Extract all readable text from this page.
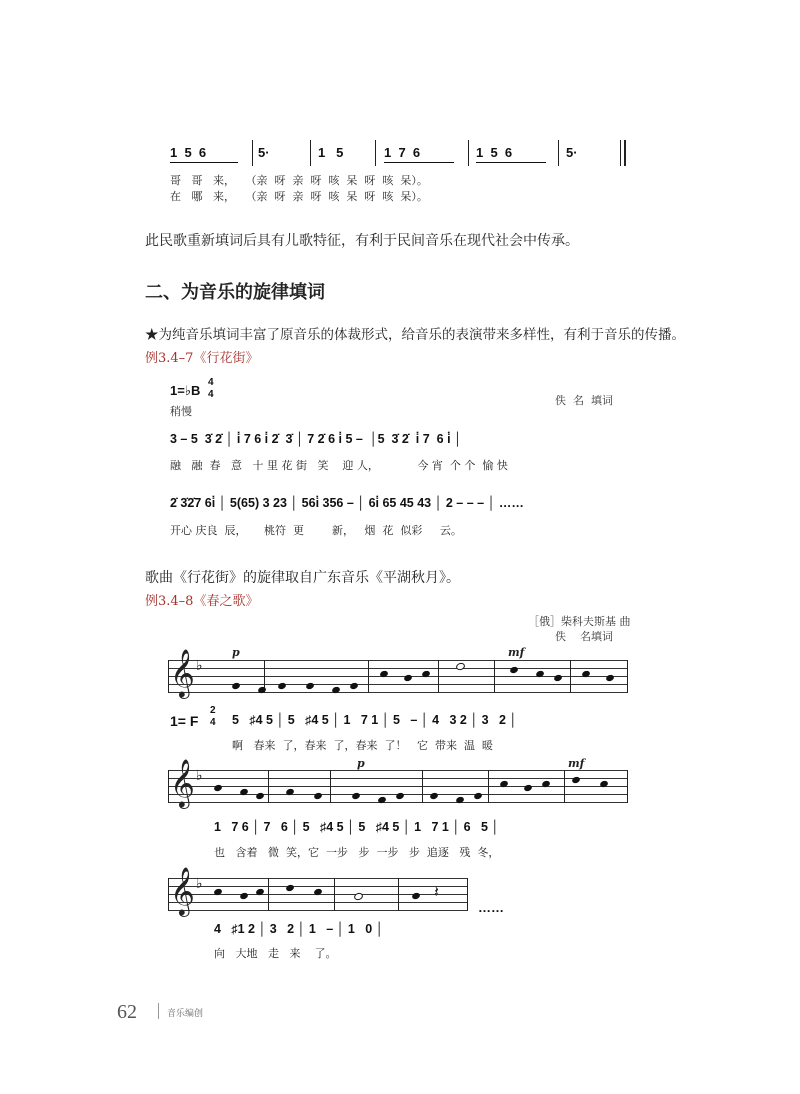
1  5  6	5·	1   5	1  7  6	1  5  6	5·
哥   哥   来，   （亲  呀  亲  呀  咳  呆  呀  咳  呆）。
在   哪   来，   （亲  呀  亲  呀  咳  呆  呀  咳  呆）。
此民歌重新填词后具有儿歌特征，有利于民间音乐在现代社会中传承。
二、为音乐的旋律填词
★为纯音乐填词丰富了原音乐的体裁形式，给音乐的表演带来多样性，有利于音乐的传播。
例3.4–7《行花街》
1=♭B
4
4
稍慢
佚  名  填词
3 – 5  3̇ 2̇ │ i̇ 7 6 i̇ 2̇  3̇ │ 7 2̇ 6 i̇ 5 –  │5  3̇ 2̇  i̇ 7  6 i̇ │
融   融  春   意   十 里 花 街   笑    迎 人，           今 宵  个 个  愉 快
2̇ 3̇2̇7 6i̇ │ 5(65) 3 23 │ 56i̇ 356 – │ 6i̇ 65 45 43 │ 2 – – – │ ……
开心 庆良  辰，     桃符  更        新，   烟  花  似彩     云。
歌曲《行花街》的旋律取自广东音乐《平湖秋月》。
例3.4–8《春之歌》
［俄］柴科夫斯基 曲
佚    名填词
𝄞 ♭
p	mf
1= F
2
4 5   ♯4 5 │ 5   ♯4 5 │ 1   7 1 │ 5   – │ 4   3 2 │ 3   2 │
啊   春来  了，春来  了，春来  了！   它  带来  温  暖
𝄞 ♭
p	mf
1   7 6 │ 7   6 │ 5   ♯4 5 │ 5   ♯4 5 │ 1   7 1 │ 6   5 │
也   含着   微  笑，它  一步   步  一步   步  追逐   残  冬，
𝄞 ♭	𝄽
4   ♯1 2 │ 3   2 │ 1   – │ 1   0 │
……
向   大地   走   来    了。
62	音乐编创
